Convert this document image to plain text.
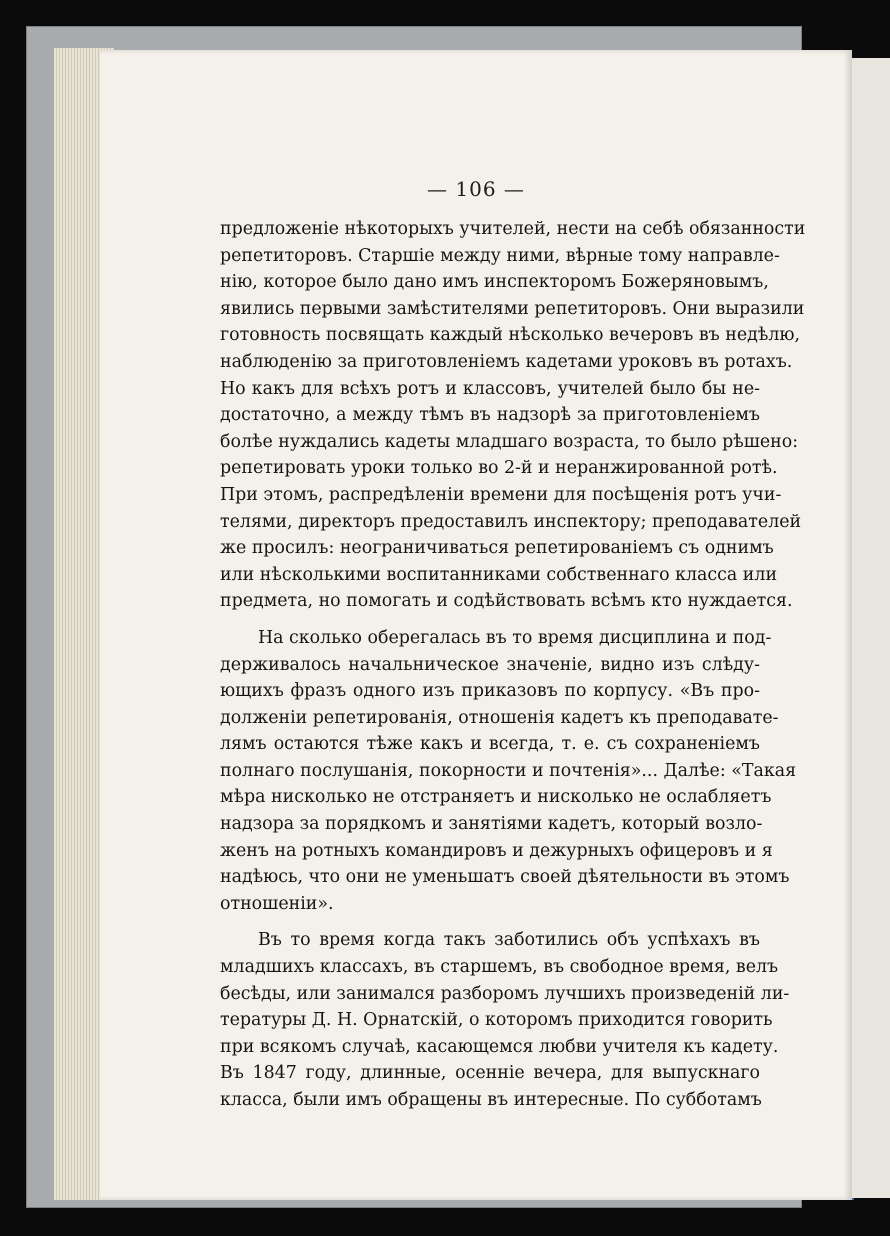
— 106 —
предложенiе нѣкоторыхъ учителей, нести на себѣ обязанности
репетиторовъ. Старшiе между ними, вѣрные тому направле-
нiю, которое было дано имъ инспекторомъ Божеряновымъ,
явились первыми замѣстителями репетиторовъ. Они выразили
готовность посвящать каждый нѣсколько вечеровъ въ недѣлю,
наблюденiю за приготовленiемъ кадетами уроковъ въ ротахъ.
Но какъ для всѣхъ ротъ и классовъ, учителей было бы не-
достаточно, а между тѣмъ въ надзорѣ за приготовленiемъ
болѣе нуждались кадеты младшаго возраста, то было рѣшено:
репетировать уроки только во 2-й и неранжированной ротѣ.
При этомъ, распредѣленiи времени для посѣщенiя ротъ учи-
телями, директоръ предоставилъ инспектору; преподавателей
же просилъ: неограничиваться репетированiемъ съ однимъ
или нѣсколькими воспитанниками собственнаго класса или
предмета, но помогать и содѣйствовать всѣмъ кто нуждается.
На сколько оберегалась въ то время дисциплина и под-
держивалось начальническое значенiе, видно изъ слѣду-
ющихъ фразъ одного изъ приказовъ по корпусу. «Въ про-
долженiи репетированiя, отношенiя кадетъ къ преподавате-
лямъ остаются тѣже какъ и всегда, т. е. съ сохраненiемъ
полнаго послушанiя, покорности и почтенiя»... Далѣе: «Такая
мѣра нисколько не отстраняетъ и нисколько не ослабляетъ
надзора за порядкомъ и занятiями кадетъ, который возло-
женъ на ротныхъ командировъ и дежурныхъ офицеровъ и я
надѣюсь, что они не уменьшатъ своей дѣятельности въ этомъ
отношенiи».
Въ то время когда такъ заботились объ успѣхахъ въ
младшихъ классахъ, въ старшемъ, въ свободное время, велъ
бесѣды, или занимался разборомъ лучшихъ произведенiй ли-
тературы Д. Н. Орнатскiй, о которомъ приходится говорить
при всякомъ случаѣ, касающемся любви учителя къ кадету.
Въ 1847 году, длинные, осеннiе вечера, для выпускнаго
класса, были имъ обращены въ интересные. По субботамъ
